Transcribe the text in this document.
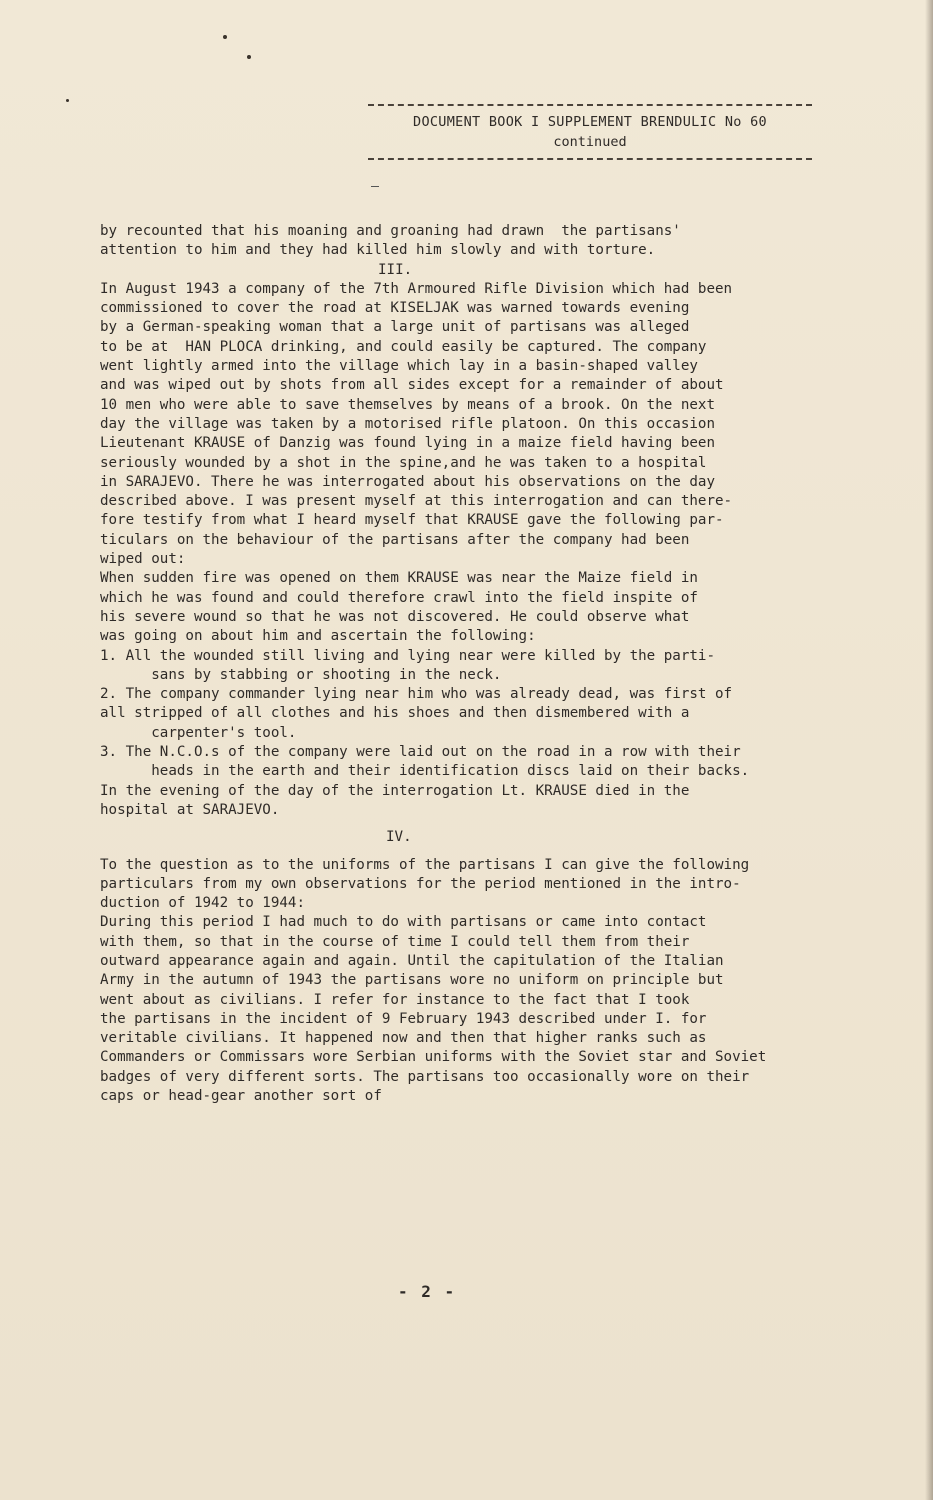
DOCUMENT BOOK I SUPPLEMENT BRENDULIC No 60
continued

by recounted that his moaning and groaning had drawn  the partisans'

attention to him and they had killed him slowly and with torture.

III.

In August 1943 a company of the 7th Armoured Rifle Division which had been

commissioned to cover the road at KISELJAK was warned towards evening

by a German-speaking woman that a large unit of partisans was alleged

to be at  HAN PLOCA drinking, and could easily be captured. The company

went lightly armed into the village which lay in a basin-shaped valley

and was wiped out by shots from all sides except for a remainder of about

10 men who were able to save themselves by means of a brook. On the next

day the village was taken by a motorised rifle platoon. On this occasion

Lieutenant KRAUSE of Danzig was found lying in a maize field having been

seriously wounded by a shot in the spine,and he was taken to a hospital

in SARAJEVO. There he was interrogated about his observations on the day

described above. I was present myself at this interrogation and can there-

fore testify from what I heard myself that KRAUSE gave the following par-

ticulars on the behaviour of the partisans after the company had been

wiped out:

When sudden fire was opened on them KRAUSE was near the Maize field in

which he was found and could therefore crawl into the field inspite of

his severe wound so that he was not discovered. He could observe what

was going on about him and ascertain the following:

1. All the wounded still living and lying near were killed by the parti-

sans by stabbing or shooting in the neck.

2. The company commander lying near him who was already dead, was first of

all stripped of all clothes and his shoes and then dismembered with a

carpenter's tool.

3. The N.C.O.s of the company were laid out on the road in a row with their

heads in the earth and their identification discs laid on their backs.

In the evening of the day of the interrogation Lt. KRAUSE died in the

hospital at SARAJEVO.

IV.

To the question as to the uniforms of the partisans I can give the following

particulars from my own observations for the period mentioned in the intro-

duction of 1942 to 1944:

During this period I had much to do with partisans or came into contact

with them, so that in the course of time I could tell them from their

outward appearance again and again. Until the capitulation of the Italian

Army in the autumn of 1943 the partisans wore no uniform on principle but

went about as civilians. I refer for instance to the fact that I took

the partisans in the incident of 9 February 1943 described under I. for

veritable civilians. It happened now and then that higher ranks such as

Commanders or Commissars wore Serbian uniforms with the Soviet star and Soviet

badges of very different sorts. The partisans too occasionally wore on their

caps or head-gear another sort of

- 2 -
